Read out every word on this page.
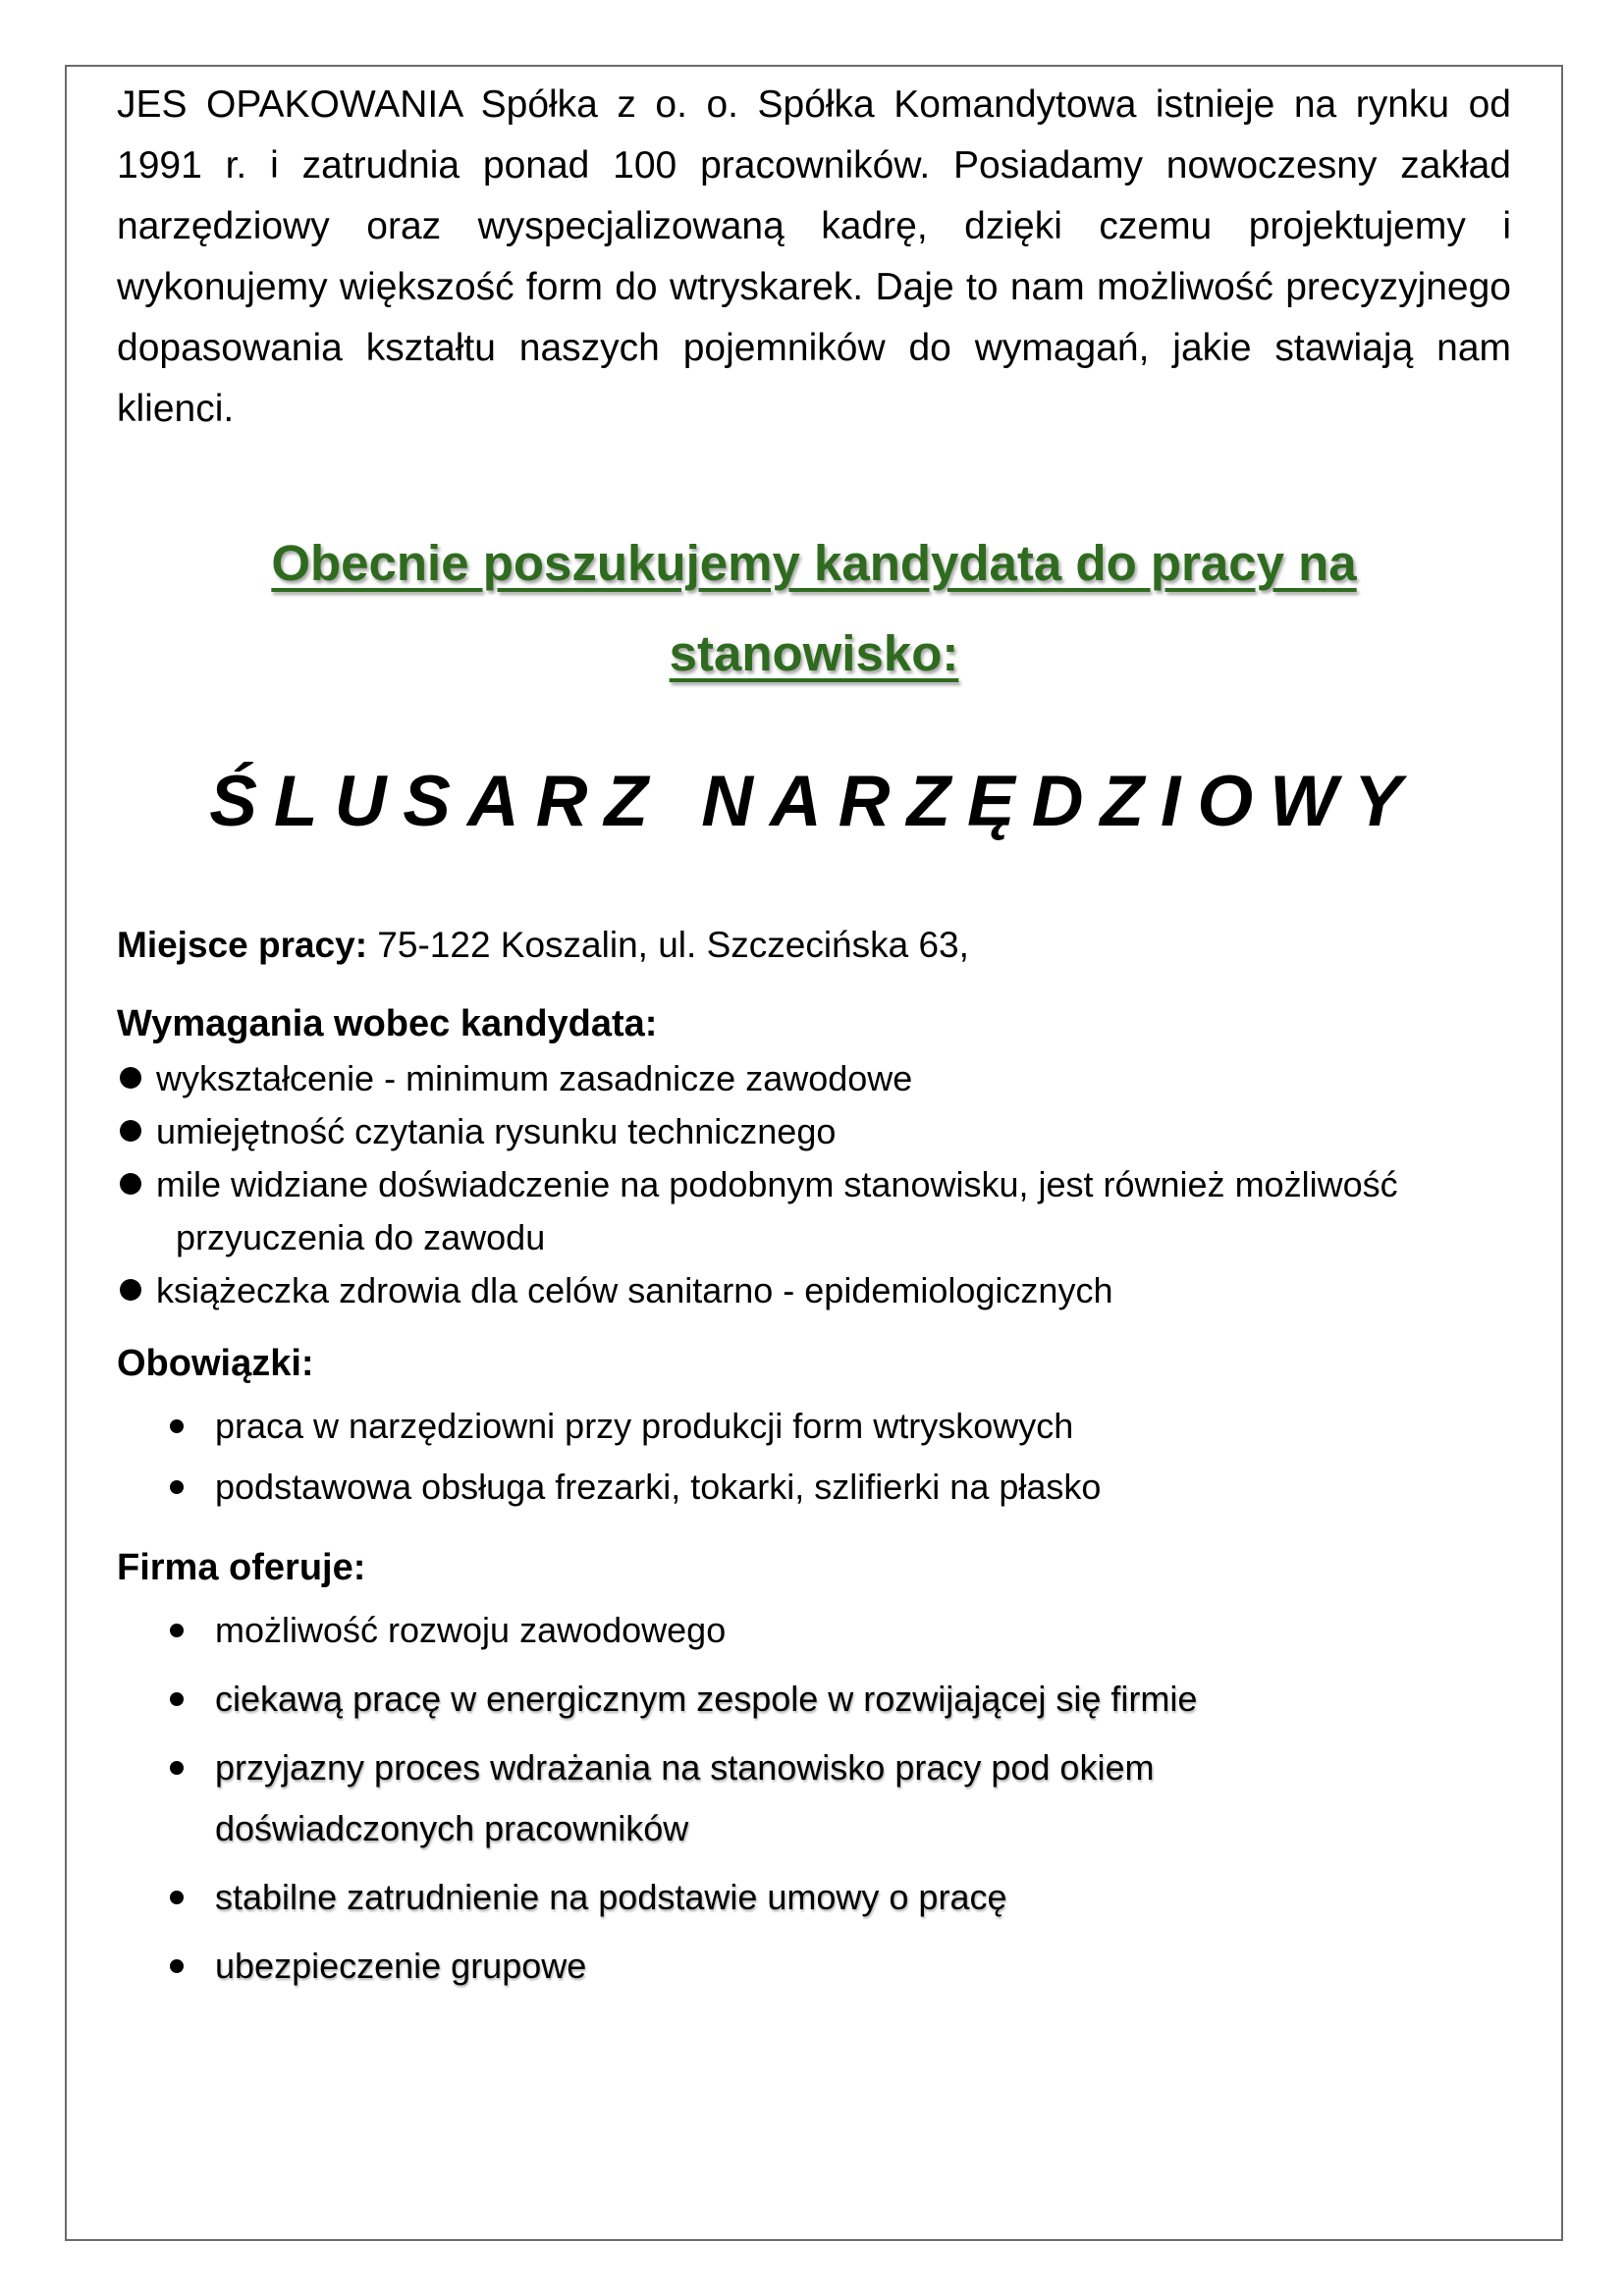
JES OPAKOWANIA Spółka z o. o. Spółka Komandytowa istnieje na rynku od 1991 r. i zatrudnia ponad 100 pracowników. Posiadamy nowoczesny zakład narzędziowy oraz wyspecjalizowaną kadrę, dzięki czemu projektujemy i wykonujemy większość form do wtryskarek. Daje to nam możliwość precyzyjnego dopasowania kształtu naszych pojemników do wymagań, jakie stawiają nam klienci.

Obecnie poszukujemy kandydata do pracy na
stanowisko:
ŚLUSARZ NARZĘDZIOWY
Miejsce pracy: 75-122 Koszalin, ul. Szczecińska 63,
Wymagania wobec kandydata:
wykształcenie - minimum zasadnicze zawodowe
umiejętność czytania rysunku technicznego
mile widziane doświadczenie na podobnym stanowisku, jest również możliwość
przyuczenia do zawodu
książeczka zdrowia dla celów sanitarno - epidemiologicznych
Obowiązki:
praca w narzędziowni przy produkcji form wtryskowych
podstawowa obsługa frezarki, tokarki, szlifierki na płasko
Firma oferuje:
możliwość rozwoju zawodowego
ciekawą pracę w energicznym zespole w rozwijającej się firmie
przyjazny proces wdrażania na stanowisko pracy pod okiem
doświadczonych pracowników
stabilne zatrudnienie na podstawie umowy o pracę
ubezpieczenie grupowe
